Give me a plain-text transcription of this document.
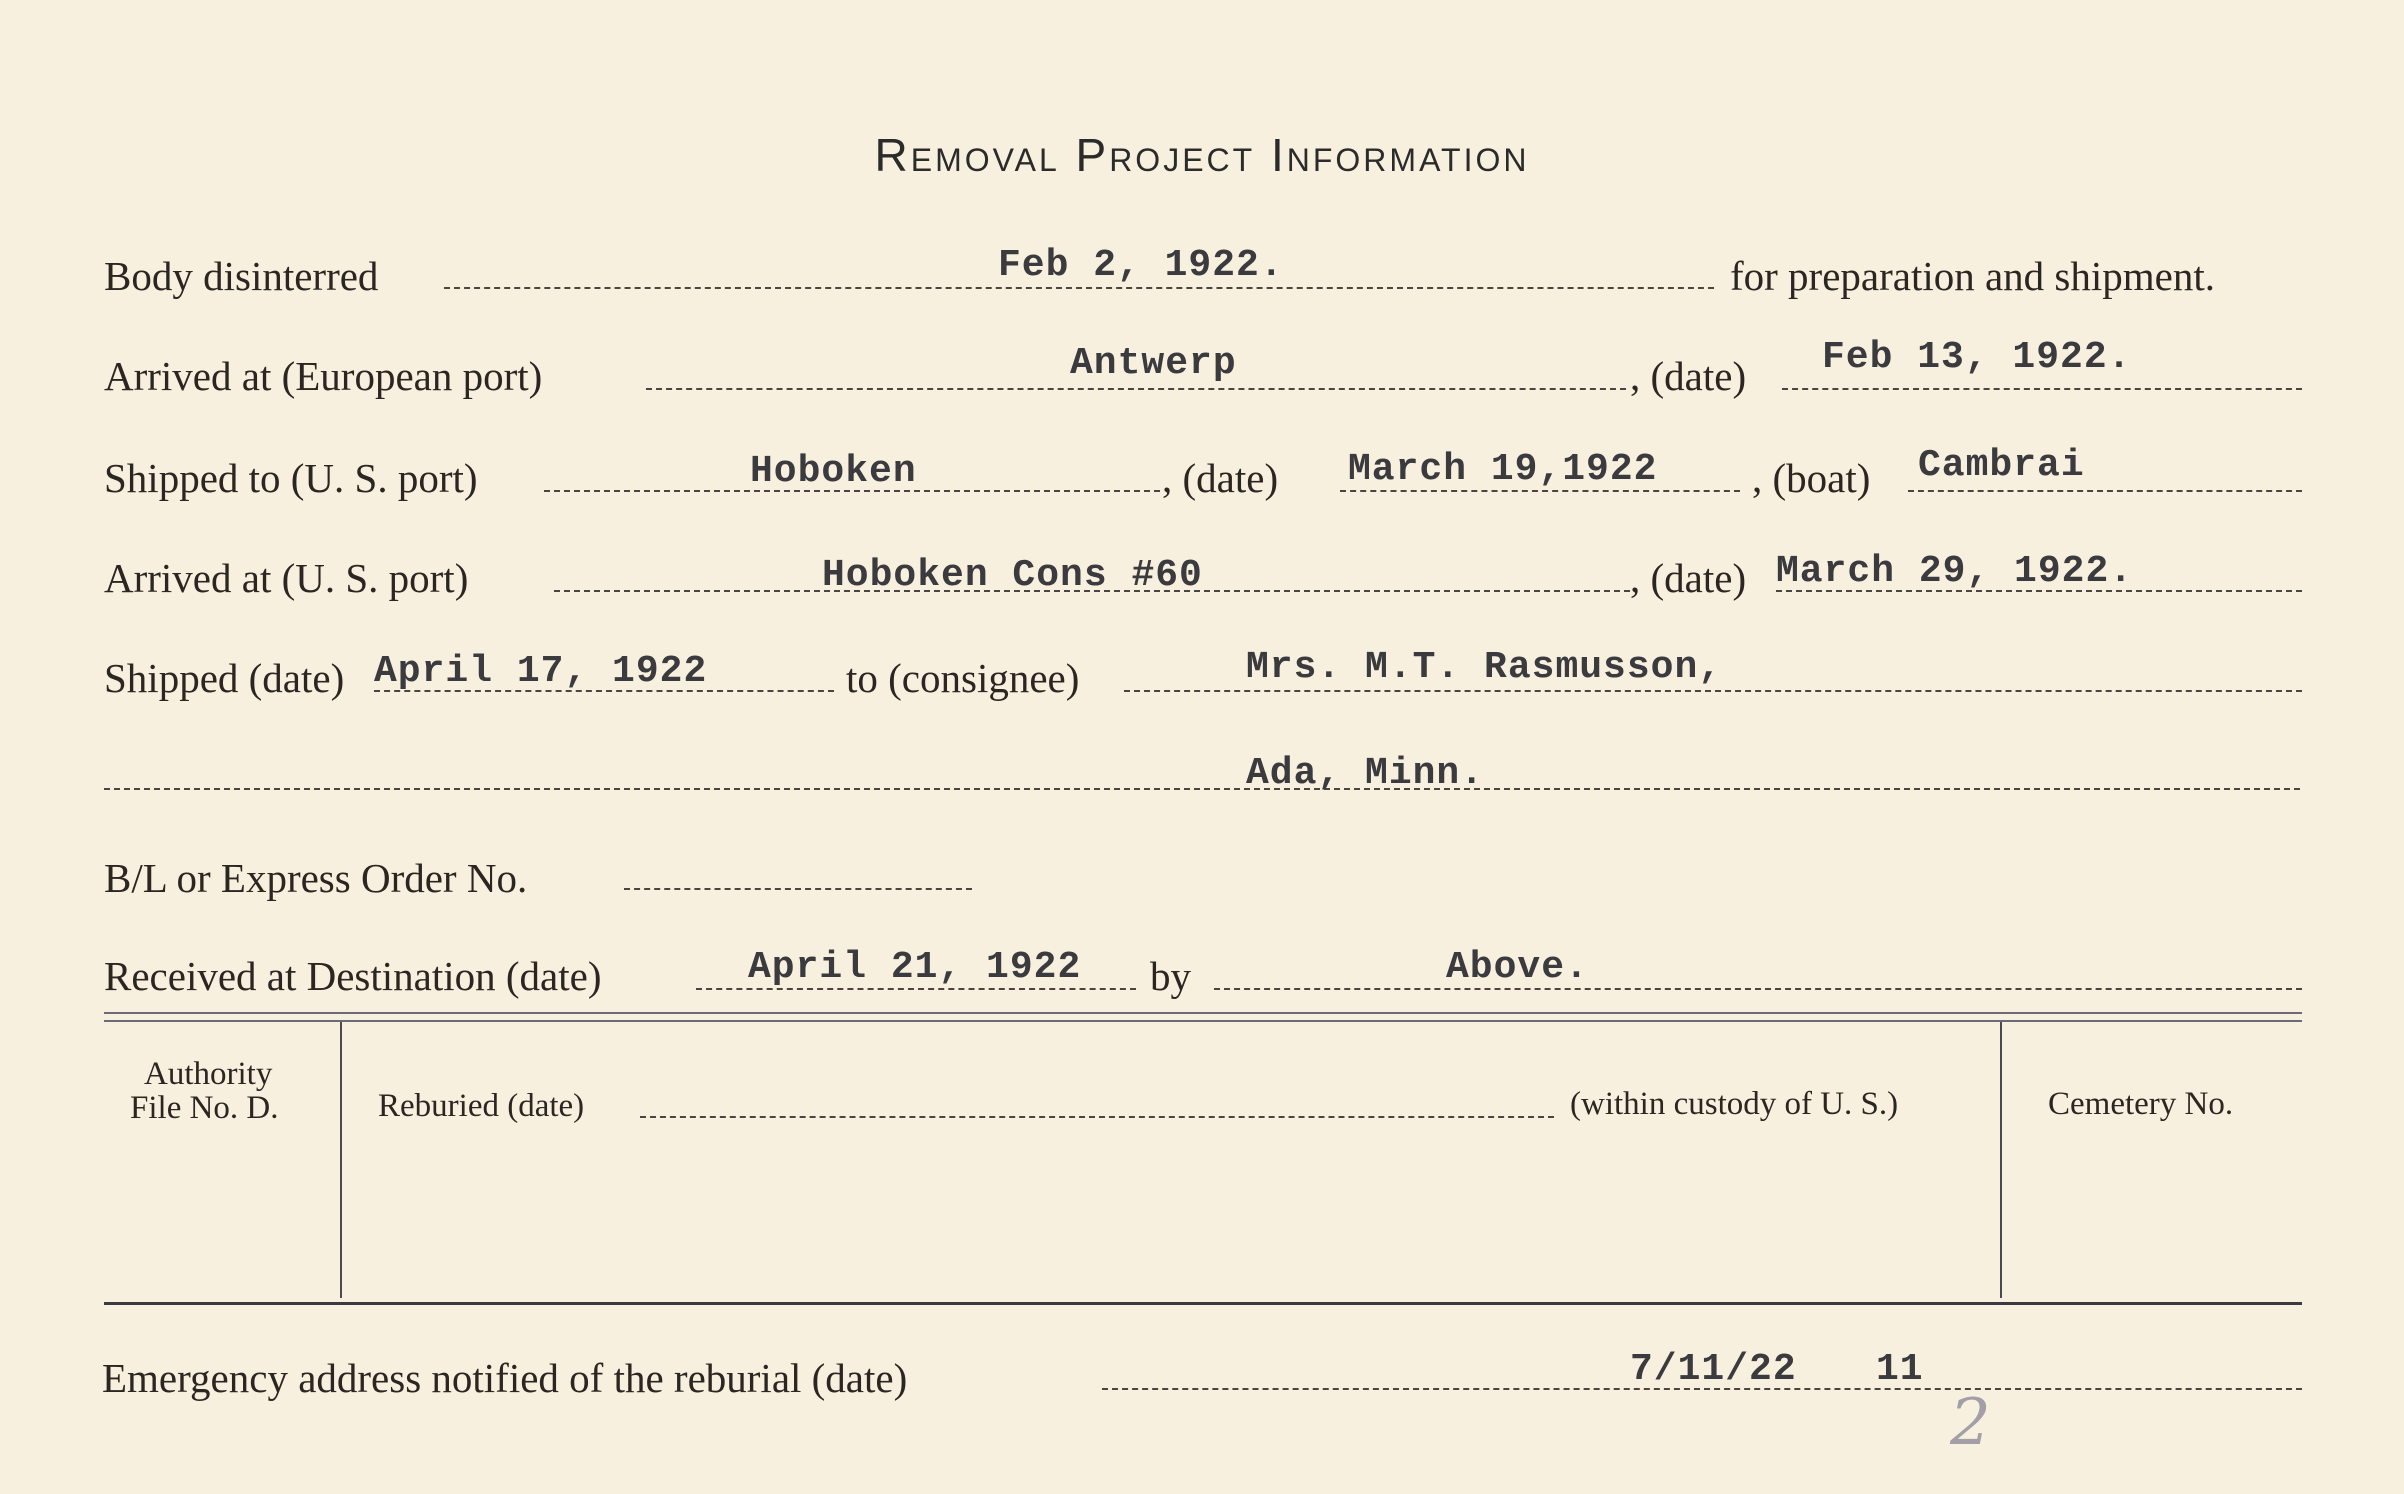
Removal Project Information
Body disinterred	Feb 2, 1922.	for preparation and shipment.
Arrived at (European port)	Antwerp	, (date) Feb 13, 1922.
Shipped to (U. S. port)	Hoboken	, (date) March 19,1922 , (boat) Cambrai
Arrived at (U. S. port)	Hoboken Cons #60	, (date) March 29, 1922.
Shipped (date) April 17, 1922	to (consignee)	Mrs. M.T. Rasmusson,
Ada, Minn.
B/L or Express Order No.
Received at Destination (date)	April 21, 1922 by	Above.
Authority
File No. D.	Reburied (date)	(within custody of U. S.)	Cemetery No.
Emergency address notified of the reburial (date)	7/11/22 11
2
